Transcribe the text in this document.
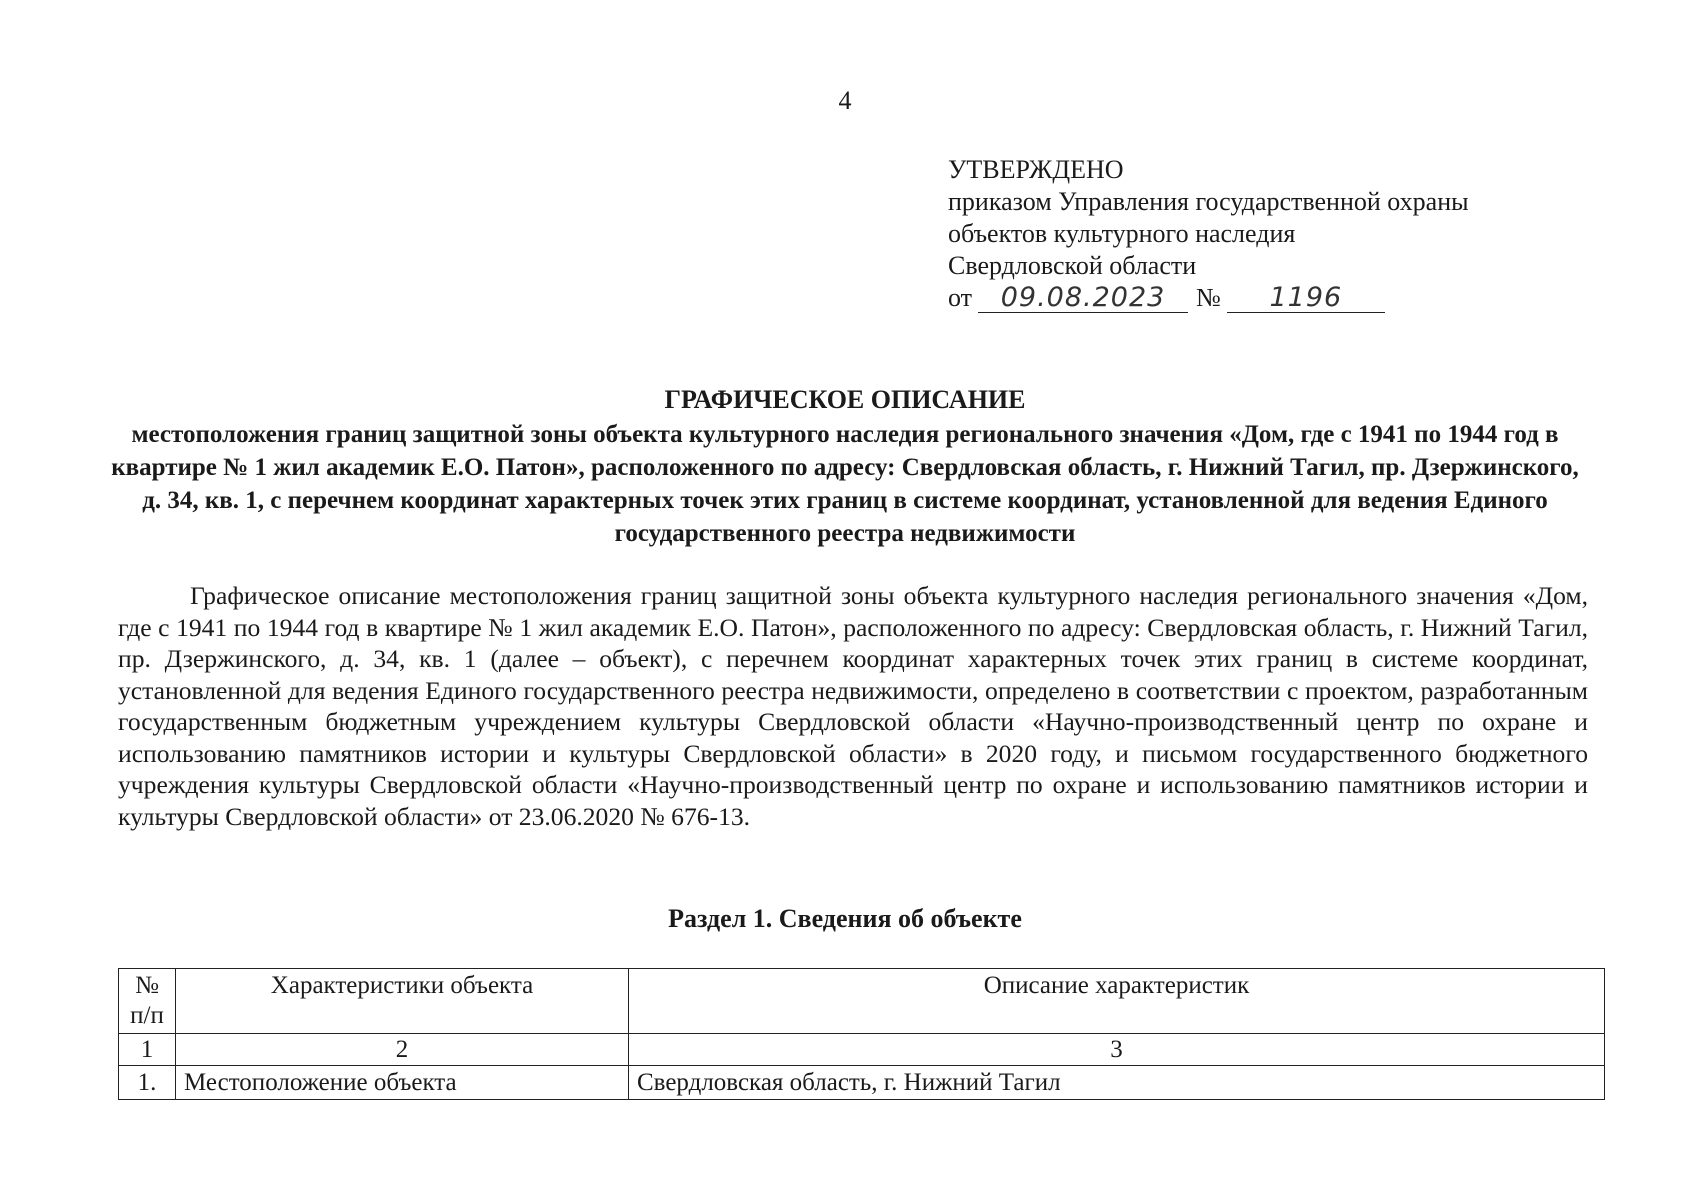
4
УТВЕРЖДЕНО
приказом Управления государственной охраны
объектов культурного наследия
Свердловской области
от 09.08.2023 № 1196
ГРАФИЧЕСКОЕ ОПИСАНИЕ

местоположения границ защитной зоны объекта культурного наследия регионального значения «Дом, где с 1941 по 1944 год в квартире № 1 жил академик Е.О. Патон», расположенного по адресу: Свердловская область, г. Нижний Тагил, пр. Дзержинского, д. 34, кв. 1, с перечнем координат характерных точек этих границ в системе координат, установленной для ведения Единого государственного реестра недвижимости

Графическое описание местоположения границ защитной зоны объекта культурного наследия регионального значения «Дом, где с 1941 по 1944 год в квартире № 1 жил академик Е.О. Патон», расположенного по адресу: Свердловская область, г. Нижний Тагил, пр. Дзержинского, д. 34, кв. 1 (далее – объект), с перечнем координат характерных точек этих границ в системе координат, установленной для ведения Единого государственного реестра недвижимости, определено в соответствии с проектом, разработанным государственным бюджетным учреждением культуры Свердловской области «Научно-производственный центр по охране и использованию памятников истории и культуры Свердловской области» в 2020 году, и письмом государственного бюджетного учреждения культуры Свердловской области «Научно-производственный центр по охране и использованию памятников истории и культуры Свердловской области» от 23.06.2020 № 676-13.

Раздел 1. Сведения об объекте
№ п/п	Характеристики объекта	Описание характеристик
1	2	3
1.	Местоположение объекта	Свердловская область, г. Нижний Тагил
